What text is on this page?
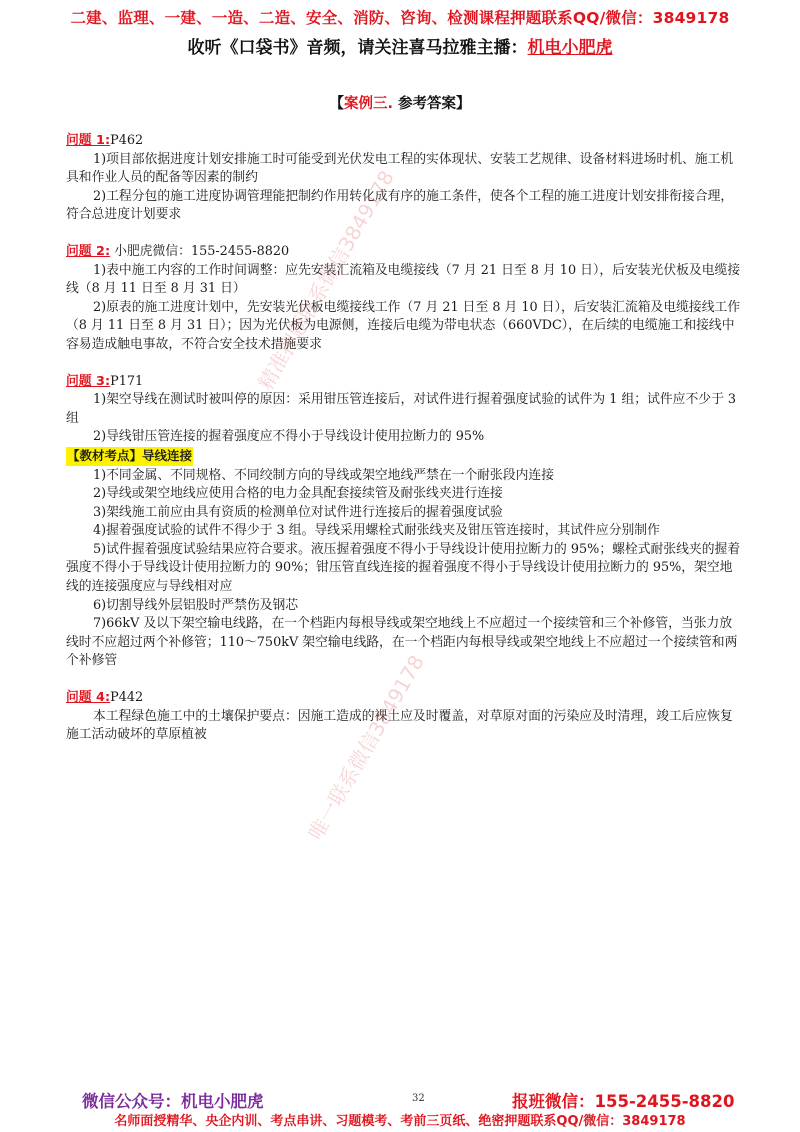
二建、监理、一建、一造、二造、安全、消防、咨询、检测课程押题联系QQ/微信：3849178
收听《口袋书》音频，请关注喜马拉雅主播：机电小肥虎
【案例三. 参考答案】

问题 1:P462

1)项目部依据进度计划安排施工时可能受到光伏发电工程的实体现状、安装工艺规律、设备材料进场时机、施工机具和作业人员的配备等因素的制约

2)工程分包的施工进度协调管理能把制约作用转化成有序的施工条件，使各个工程的施工进度计划安排衔接合理，符合总进度计划要求

问题 2: 小肥虎微信：155-2455-8820

1)表中施工内容的工作时间调整：应先安装汇流箱及电缆接线（7 月 21 日至 8 月 10 日），后安装光伏板及电缆接线（8 月 11 日至 8 月 31 日）

2)原表的施工进度计划中，先安装光伏板电缆接线工作（7 月 21 日至 8 月 10 日），后安装汇流箱及电缆接线工作（8 月 11 日至 8 月 31 日）；因为光伏板为电源侧，连接后电缆为带电状态（660VDC），在后续的电缆施工和接线中容易造成触电事故，不符合安全技术措施要求

问题 3:P171

1)架空导线在测试时被叫停的原因：采用钳压管连接后，对试件进行握着强度试验的试件为 1 组；试件应不少于 3 组

2)导线钳压管连接的握着强度应不得小于导线设计使用拉断力的 95%

【教材考点】导线连接

1)不同金属、不同规格、不同绞制方向的导线或架空地线严禁在一个耐张段内连接

2)导线或架空地线应使用合格的电力金具配套接续管及耐张线夹进行连接

3)架线施工前应由具有资质的检测单位对试件进行连接后的握着强度试验

4)握着强度试验的试件不得少于 3 组。导线采用螺栓式耐张线夹及钳压管连接时，其试件应分别制作

5)试件握着强度试验结果应符合要求。液压握着强度不得小于导线设计使用拉断力的 95%；螺栓式耐张线夹的握着强度不得小于导线设计使用拉断力的 90%；钳压管直线连接的握着强度不得小于导线设计使用拉断力的 95%，架空地线的连接强度应与导线相对应

6)切割导线外层铝股时严禁伤及钢芯

7)66kV 及以下架空输电线路，在一个档距内每根导线或架空地线上不应超过一个接续管和三个补修管，当张力放线时不应超过两个补修管；110～750kV 架空输电线路，在一个档距内每根导线或架空地线上不应超过一个接续管和两个补修管

问题 4:P442

本工程绿色施工中的土壤保护要点：因施工造成的裸土应及时覆盖，对草原对面的污染应及时清理，竣工后应恢复施工活动破坏的草原植被

精准押题联系微信3849178
唯一联系微信3849178
微信公众号：机电小肥虎	32	报班微信：155-2455-8820
名师面授精华、央企内训、考点串讲、习题模考、考前三页纸、绝密押题联系QQ/微信：3849178
